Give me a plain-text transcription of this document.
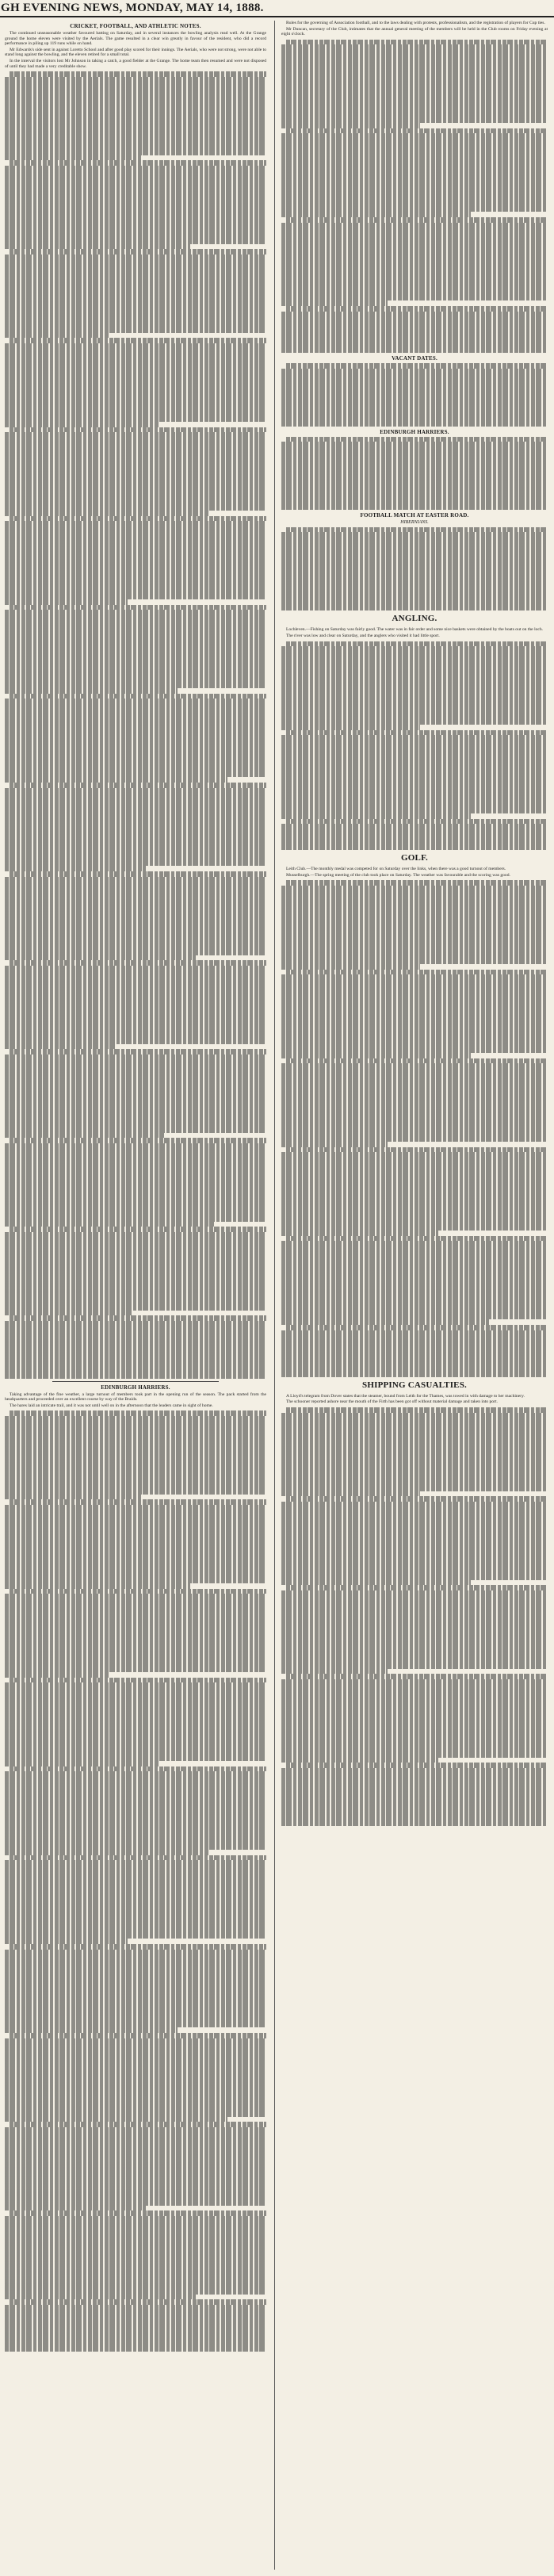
GH EVENING NEWS, MONDAY, MAY 14, 1888.
CRICKET, FOOTBALL, AND ATHLETIC NOTES.

The continued unseasonable weather favoured batting on Saturday, and in several instances the bowling analysis read well. At the Grange ground the home eleven were visited by the Aerials. The game resulted in a clear win greatly in favour of the resident, who did a record performance in piling up 119 runs while on hand.

Mr Edwards's side sent in against Loretto School and after good play scored for their innings. The Aerials, who were not strong, were not able to stand long against the bowling, and the eleven retired for a small total.

In the interval the visitors lost Mr Johnson in taking a catch, a good fielder at the Grange. The home team then resumed and were not disposed of until they had made a very creditable show.

EDINBURGH HARRIERS.

Taking advantage of the fine weather, a large turnout of members took part in the opening run of the season. The pack started from the headquarters and proceeded over an excellent course by way of the Braids.

The hares laid an intricate trail, and it was not until well on in the afternoon that the leaders came in sight of home.

Rules for the governing of Association football, and to the laws dealing with protests, professionalism, and the registration of players for Cup ties.

Mr Duncan, secretary of the Club, intimates that the annual general meeting of the members will be held in the Club rooms on Friday evening at eight o'clock.

VACANT DATES.
EDINBURGH HARRIERS.
FOOTBALL MATCH AT EASTER ROAD.
HIBERNIANS.
ANGLING.

Lochleven.—Fishing on Saturday was fairly good. The water was in fair order and some nice baskets were obtained by the boats out on the loch.

The river was low and clear on Saturday, and the anglers who visited it had little sport.

GOLF.

Leith Club.—The monthly medal was competed for on Saturday over the links, when there was a good turnout of members.

Musselburgh.—The spring meeting of the club took place on Saturday. The weather was favourable and the scoring was good.

SHIPPING CASUALTIES.

A Lloyd's telegram from Dover states that the steamer, bound from Leith for the Thames, was towed in with damage to her machinery.

The schooner reported ashore near the mouth of the Firth has been got off without material damage and taken into port.
